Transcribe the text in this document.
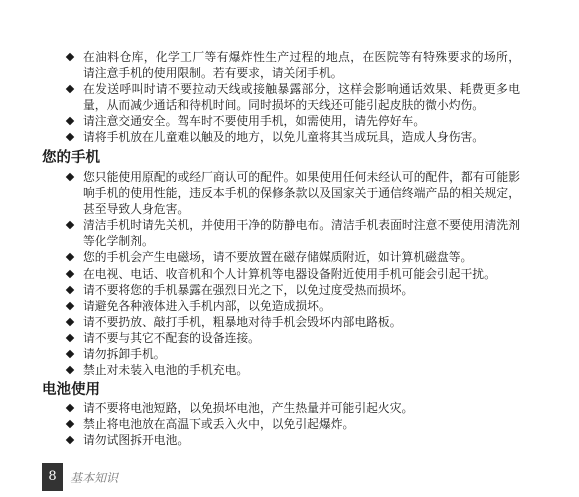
在油料仓库，化学工厂等有爆炸性生产过程的地点，在医院等有特殊要求的场所，
请注意手机的使用限制。若有要求，请关闭手机。
在发送呼叫时请不要拉动天线或接触暴露部分，这样会影响通话效果、耗费更多电
量，从而减少通话和待机时间。同时损坏的天线还可能引起皮肤的微小灼伤。
请注意交通安全。驾车时不要使用手机，如需使用，请先停好车。
请将手机放在儿童难以触及的地方，以免儿童将其当成玩具，造成人身伤害。
您的手机
您只能使用原配的或经厂商认可的配件。如果使用任何未经认可的配件，都有可能影
响手机的使用性能，违反本手机的保修条款以及国家关于通信终端产品的相关规定，
甚至导致人身危害。
清洁手机时请先关机，并使用干净的防静电布。清洁手机表面时注意不要使用清洗剂
等化学制剂。
您的手机会产生电磁场，请不要放置在磁存储媒质附近，如计算机磁盘等。
在电视、电话、收音机和个人计算机等电器设备附近使用手机可能会引起干扰。
请不要将您的手机暴露在强烈日光之下，以免过度受热而损坏。
请避免各种液体进入手机内部，以免造成损坏。
请不要扔放、敲打手机，粗暴地对待手机会毁坏内部电路板。
请不要与其它不配套的设备连接。
请勿拆卸手机。
禁止对未装入电池的手机充电。
电池使用
请不要将电池短路，以免损坏电池，产生热量并可能引起火灾。
禁止将电池放在高温下或丢入火中，以免引起爆炸。
请勿试图拆开电池。
8	基本知识
